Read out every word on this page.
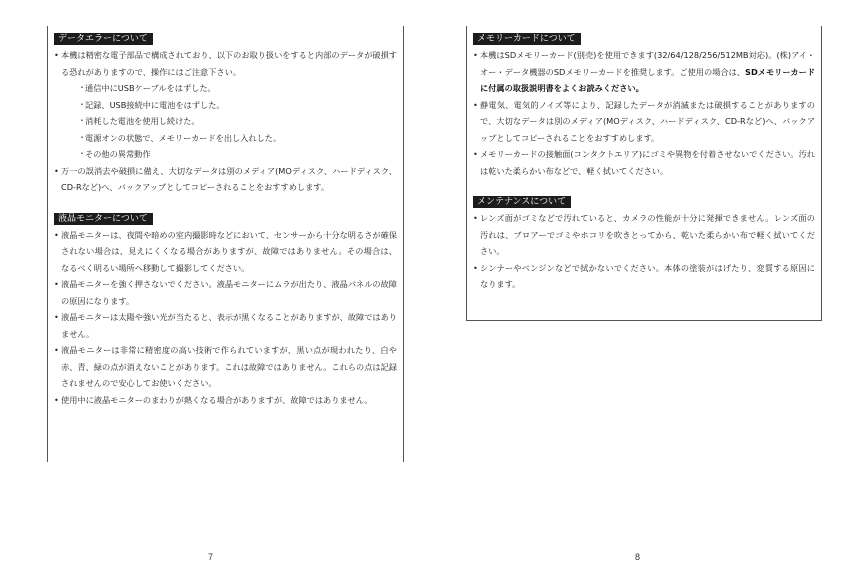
データエラーについて
• 本機は精密な電子部品で構成されており、以下のお取り扱いをすると内部のデータが破損する恐れがありますので、操作にはご注意下さい。
・ 通信中にUSBケーブルをはずした。
・ 記録、USB接続中に電池をはずした。
・ 消耗した電池を使用し続けた。
・ 電源オンの状態で、メモリーカードを出し入れした。
・ その他の異常動作
• 万一の誤消去や破損に備え、大切なデータは別のメディア(MOディスク、ハードディスク、CD-Rなど)へ、バックアップとしてコピーされることをおすすめします。
液晶モニターについて
• 液晶モニターは、夜間や暗めの室内撮影時などにおいて、センサーから十分な明るさが確保されない場合は、見えにくくなる場合がありますが、故障ではありません。その場合は、なるべく明るい場所へ移動して撮影してください。
• 液晶モニターを強く押さないでください。液晶モニターにムラが出たり、液晶パネルの故障の原因になります。
• 液晶モニターは太陽や強い光が当たると、表示が黒くなることがありますが、故障ではありません。
• 液晶モニターは非常に精密度の高い技術で作られていますが、黒い点が現われたり、白や 赤、青、緑の点が消えないことがあります。これは故障ではありません。これらの点は記録されませんので安心してお使いください。
• 使用中に液晶モニターのまわりが熱くなる場合がありますが、故障ではありません。
7
メモリーカードについて
• 本機はSDメモリーカード(別売)を使用できます(32/64/128/256/512MB対応)。(株)アイ・オー・データ機器のSDメモリーカードを推奨します。ご使用の場合は、SDメモリーカードに付属の取扱説明書をよくお読みください。
• 静電気、電気的ノイズ等により、記録したデータが消滅または破損することがありますので、大切なデータは別のメディア(MOディスク、ハードディスク、CD-Rなど)へ、バックアップとしてコピーされることをおすすめします。
• メモリーカードの接触面(コンタクトエリア)にゴミや異物を付着させないでください。汚れは乾いた柔らかい布などで、軽く拭いてください。
メンテナンスについて
• レンズ面がゴミなどで汚れていると、カメラの性能が十分に発揮できません。レンズ面の汚れは、ブロアーでゴミやホコリを吹きとってから、乾いた柔らかい布で軽く拭いてください。
• シンナーやベンジンなどで拭かないでください。本体の塗装がはげたり、変質する原因になります。
8
